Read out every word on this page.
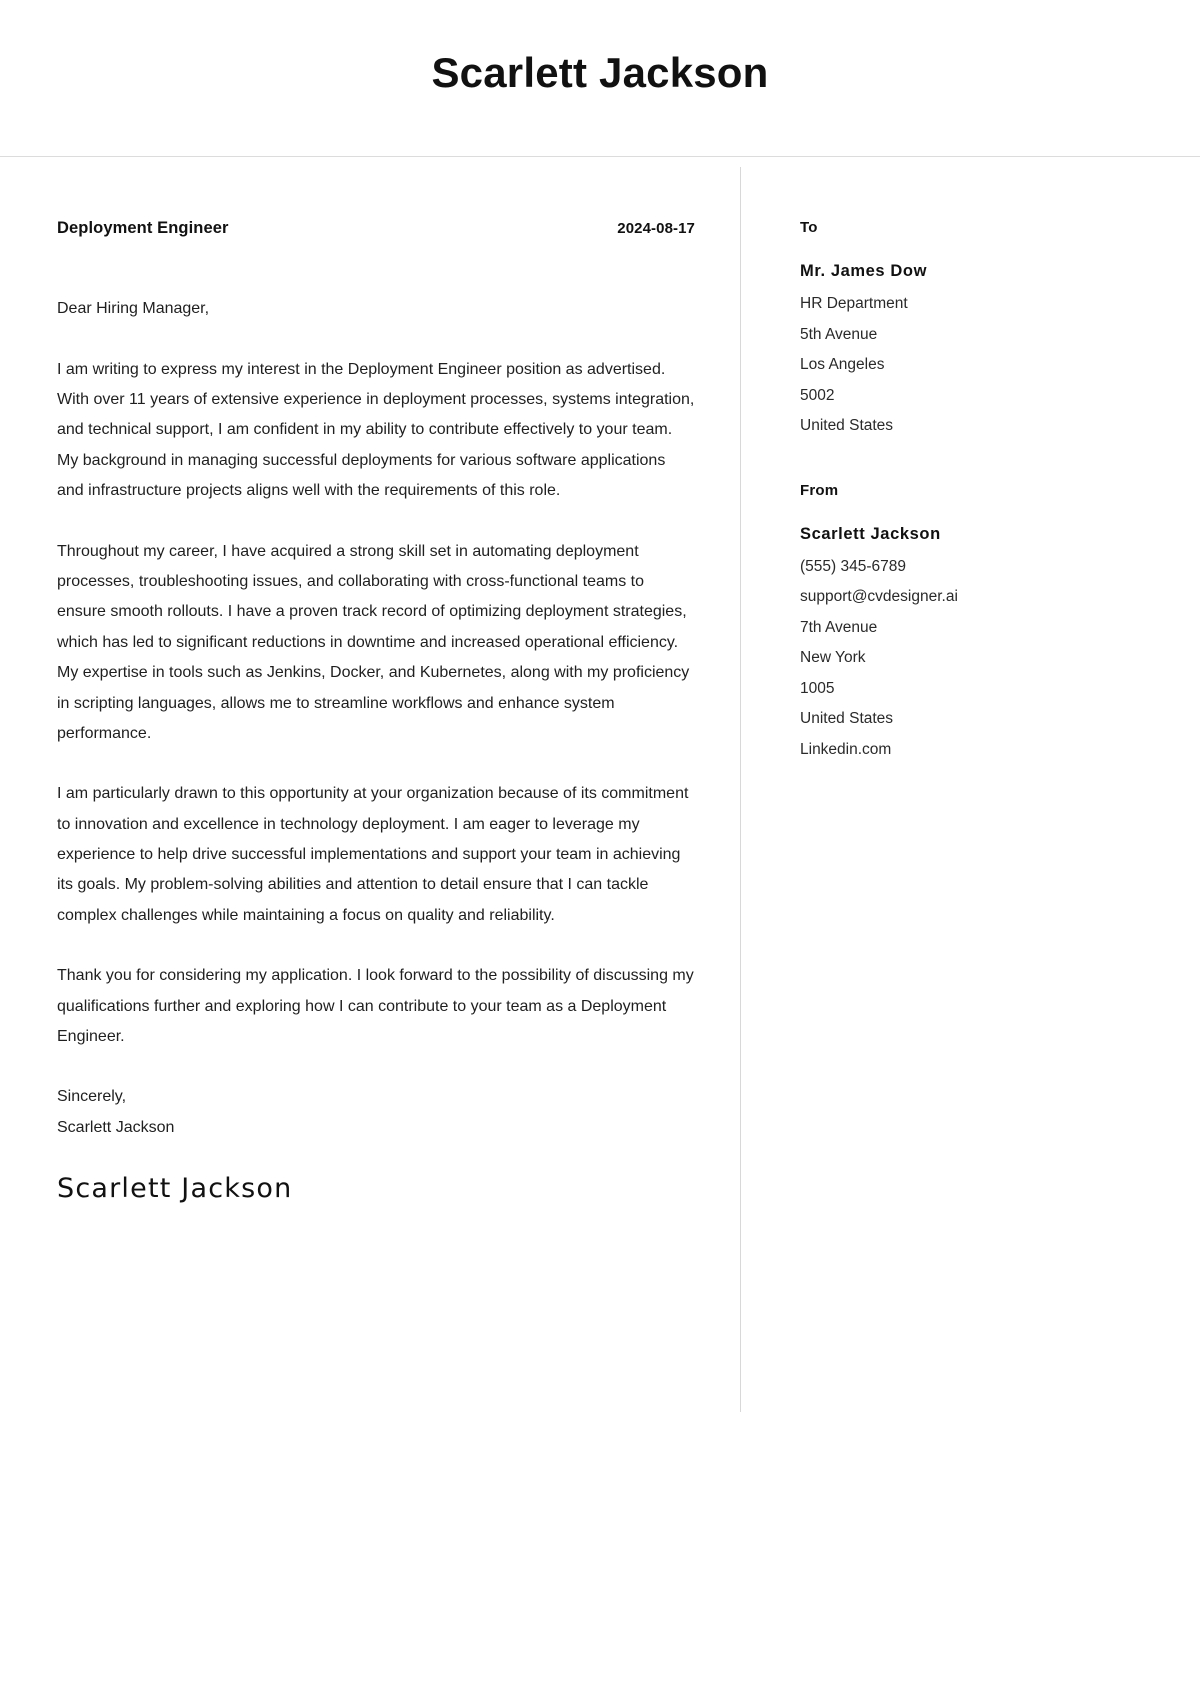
Scarlett Jackson
Deployment Engineer	2024-08-17
Dear Hiring Manager,

I am writing to express my interest in the Deployment Engineer position as advertised. With over 11 years of extensive experience in deployment processes, systems integration, and technical support, I am confident in my ability to contribute effectively to your team. My background in managing successful deployments for various software applications and infrastructure projects aligns well with the requirements of this role.

Throughout my career, I have acquired a strong skill set in automating deployment processes, troubleshooting issues, and collaborating with cross-functional teams to ensure smooth rollouts. I have a proven track record of optimizing deployment strategies, which has led to significant reductions in downtime and increased operational efficiency. My expertise in tools such as Jenkins, Docker, and Kubernetes, along with my proficiency in scripting languages, allows me to streamline workflows and enhance system performance.

I am particularly drawn to this opportunity at your organization because of its commitment to innovation and excellence in technology deployment. I am eager to leverage my experience to help drive successful implementations and support your team in achieving its goals. My problem-solving abilities and attention to detail ensure that I can tackle complex challenges while maintaining a focus on quality and reliability.

Thank you for considering my application. I look forward to the possibility of discussing my qualifications further and exploring how I can contribute to your team as a Deployment Engineer.

Sincerely,
Scarlett Jackson
Scarlett Jackson
To
Mr. James Dow
HR Department
5th Avenue
Los Angeles
5002
United States
From
Scarlett Jackson
(555) 345-6789
support@cvdesigner.ai
7th Avenue
New York
1005
United States
Linkedin.com
